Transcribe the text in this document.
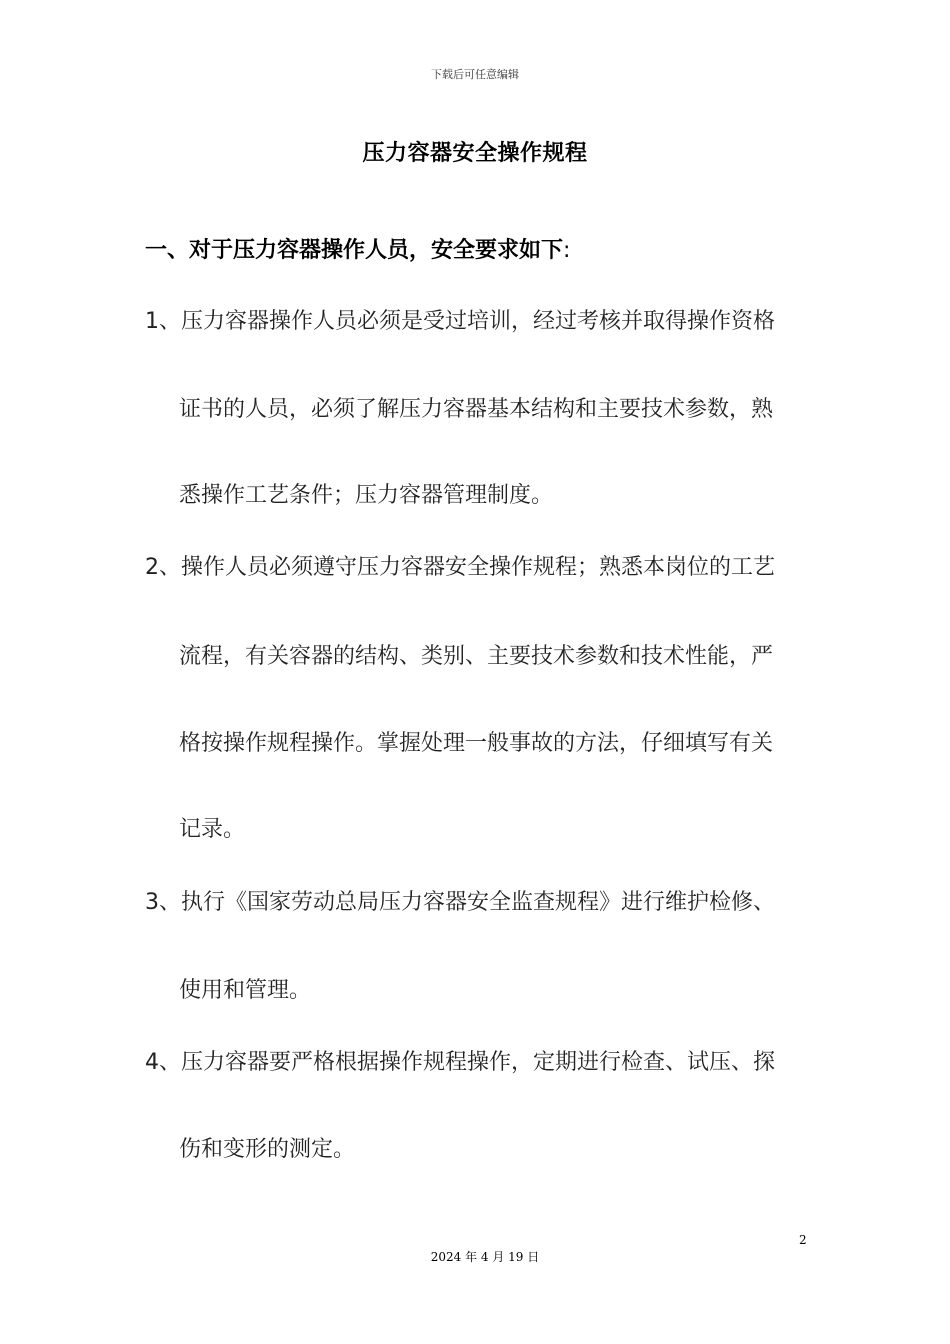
下载后可任意编辑
压力容器安全操作规程
一、对于压力容器操作人员，安全要求如下:
1、压力容器操作人员必须是受过培训，经过考核并取得操作资格
证书的人员，必须了解压力容器基本结构和主要技术参数，熟
悉操作工艺条件；压力容器管理制度。
2、操作人员必须遵守压力容器安全操作规程；熟悉本岗位的工艺
流程，有关容器的结构、类别、主要技术参数和技术性能，严
格按操作规程操作。掌握处理一般事故的方法，仔细填写有关
记录。
3、执行《国家劳动总局压力容器安全监查规程》进行维护检修、
使用和管理。
4、压力容器要严格根据操作规程操作，定期进行检查、试压、探
伤和变形的测定。
2
2024 年 4 月 19 日
